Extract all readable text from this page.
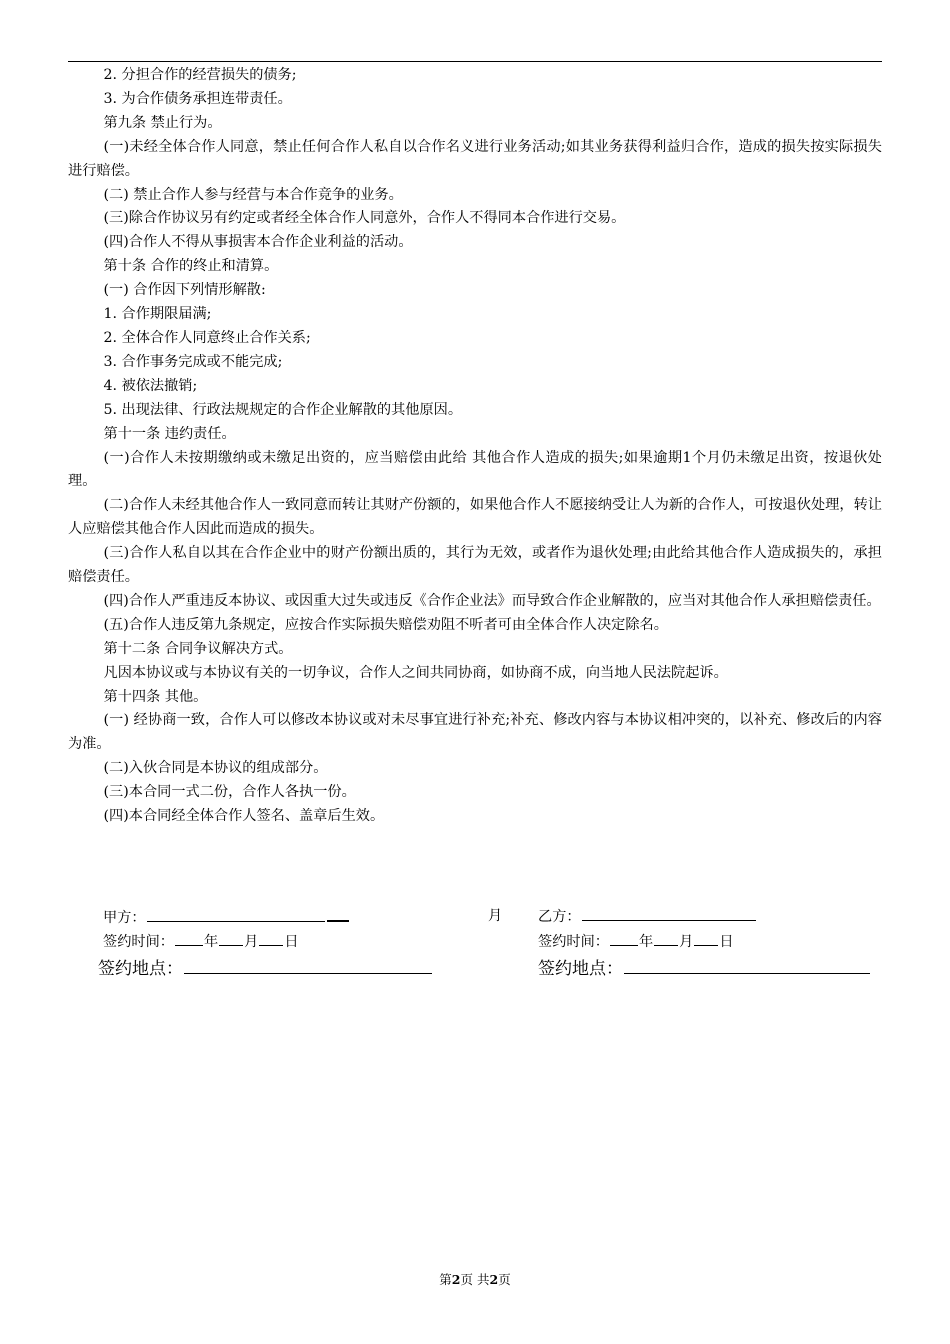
2. 分担合作的经营损失的债务;

3. 为合作债务承担连带责任。

第九条 禁止行为。

(一)未经全体合作人同意，禁止任何合作人私自以合作名义进行业务活动;如其业务获得利益归合作，造成的损失按实际损失进行赔偿。

(二) 禁止合作人参与经营与本合作竞争的业务。

(三)除合作协议另有约定或者经全体合作人同意外，合作人不得同本合作进行交易。

(四)合作人不得从事损害本合作企业利益的活动。

第十条 合作的终止和清算。

(一) 合作因下列情形解散:

1. 合作期限届满;

2. 全体合作人同意终止合作关系;

3. 合作事务完成或不能完成;

4. 被依法撤销;

5. 出现法律、行政法规规定的合作企业解散的其他原因。

第十一条 违约责任。

(一)合作人未按期缴纳或未缴足出资的，应当赔偿由此给 其他合作人造成的损失;如果逾期1个月仍未缴足出资，按退伙处理。

(二)合作人未经其他合作人一致同意而转让其财产份额的，如果他合作人不愿接纳受让人为新的合作人，可按退伙处理，转让人应赔偿其他合作人因此而造成的损失。

(三)合作人私自以其在合作企业中的财产份额出质的，其行为无效，或者作为退伙处理;由此给其他合作人造成损失的，承担赔偿责任。

(四)合作人严重违反本协议、或因重大过失或违反《合作企业法》而导致合作企业解散的，应当对其他合作人承担赔偿责任。

(五)合作人违反第九条规定，应按合作实际损失赔偿劝阻不听者可由全体合作人决定除名。

第十二条 合同争议解决方式。

凡因本协议或与本协议有关的一切争议，合作人之间共同协商，如协商不成，向当地人民法院起诉。

第十四条 其他。

(一) 经协商一致，合作人可以修改本协议或对未尽事宜进行补充;补充、修改内容与本协议相冲突的，以补充、修改后的内容为准。

(二)入伙合同是本协议的组成部分。

(三)本合同一式二份，合作人各执一份。

(四)本合同经全体合作人签名、盖章后生效。

甲方：	月	乙方：
签约时间： 年 月 日	签约时间： 年 月 日
签约地点：	签约地点：
第2页 共2页
